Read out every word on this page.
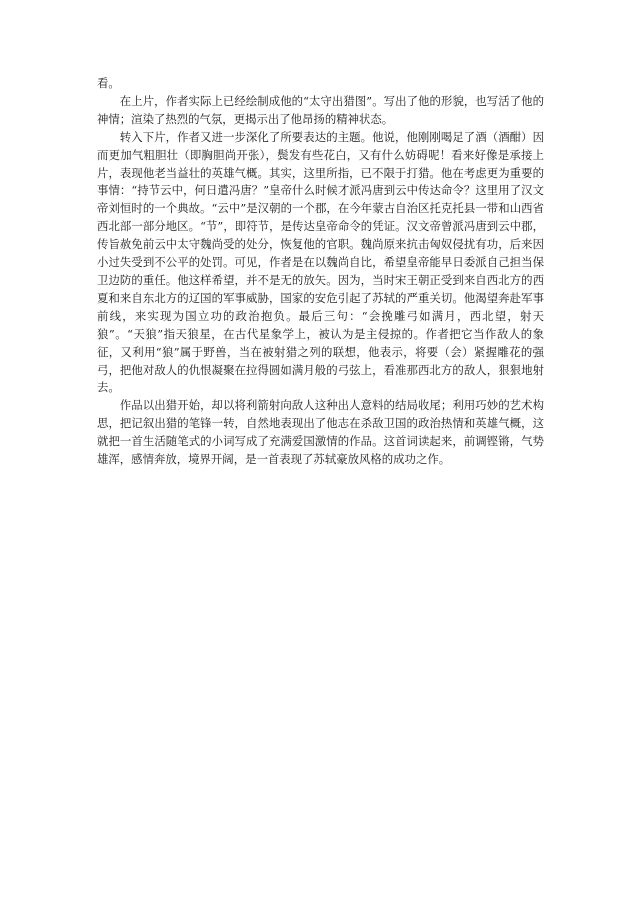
看。

在上片，作者实际上已经绘制成他的“太守出猎图”。写出了他的形貌，也写活了他的神情；渲染了热烈的气氛，更揭示出了他昂扬的精神状态。

转入下片，作者又进一步深化了所要表达的主题。他说，他刚刚喝足了酒（酒酣）因而更加气粗胆壮（即胸胆尚开张），鬓发有些花白，又有什么妨碍呢！看来好像是承接上片，表现他老当益壮的英雄气概。其实，这里所指，已不限于打猎。他在考虑更为重要的事情：“持节云中，何日遣冯唐？”皇帝什么时候才派冯唐到云中传达命令？这里用了汉文帝刘恒时的一个典故。“云中”是汉朝的一个郡，在今年蒙古自治区托克托县一带和山西省西北部一部分地区。“节”，即符节，是传达皇帝命令的凭证。汉文帝曾派冯唐到云中郡，传旨赦免前云中太守魏尚受的处分，恢复他的官职。魏尚原来抗击匈奴侵扰有功，后来因小过失受到不公平的处罚。可见，作者是在以魏尚自比，希望皇帝能早日委派自己担当保卫边防的重任。他这样希望，并不是无的放矢。因为，当时宋王朝正受到来自西北方的西夏和来自东北方的辽国的军事威胁，国家的安危引起了苏轼的严重关切。他渴望奔赴军事前线，来实现为国立功的政治抱负。最后三句：“会挽雕弓如满月，西北望，射天狼”。“天狼”指天狼星，在古代星象学上，被认为是主侵掠的。作者把它当作敌人的象征，又利用“狼”属于野兽，当在被射猎之列的联想，他表示，将要（会）紧握雕花的强弓，把他对敌人的仇恨凝聚在拉得圆如满月般的弓弦上，看准那西北方的敌人，狠狠地射去。

作品以出猎开始，却以将利箭射向敌人这种出人意料的结局收尾；利用巧妙的艺术构思，把记叙出猎的笔锋一转，自然地表现出了他志在杀敌卫国的政治热情和英雄气概，这就把一首生活随笔式的小词写成了充满爱国激情的作品。这首词读起来，前调铿锵，气势雄浑，感情奔放，境界开阔，是一首表现了苏轼豪放风格的成功之作。
